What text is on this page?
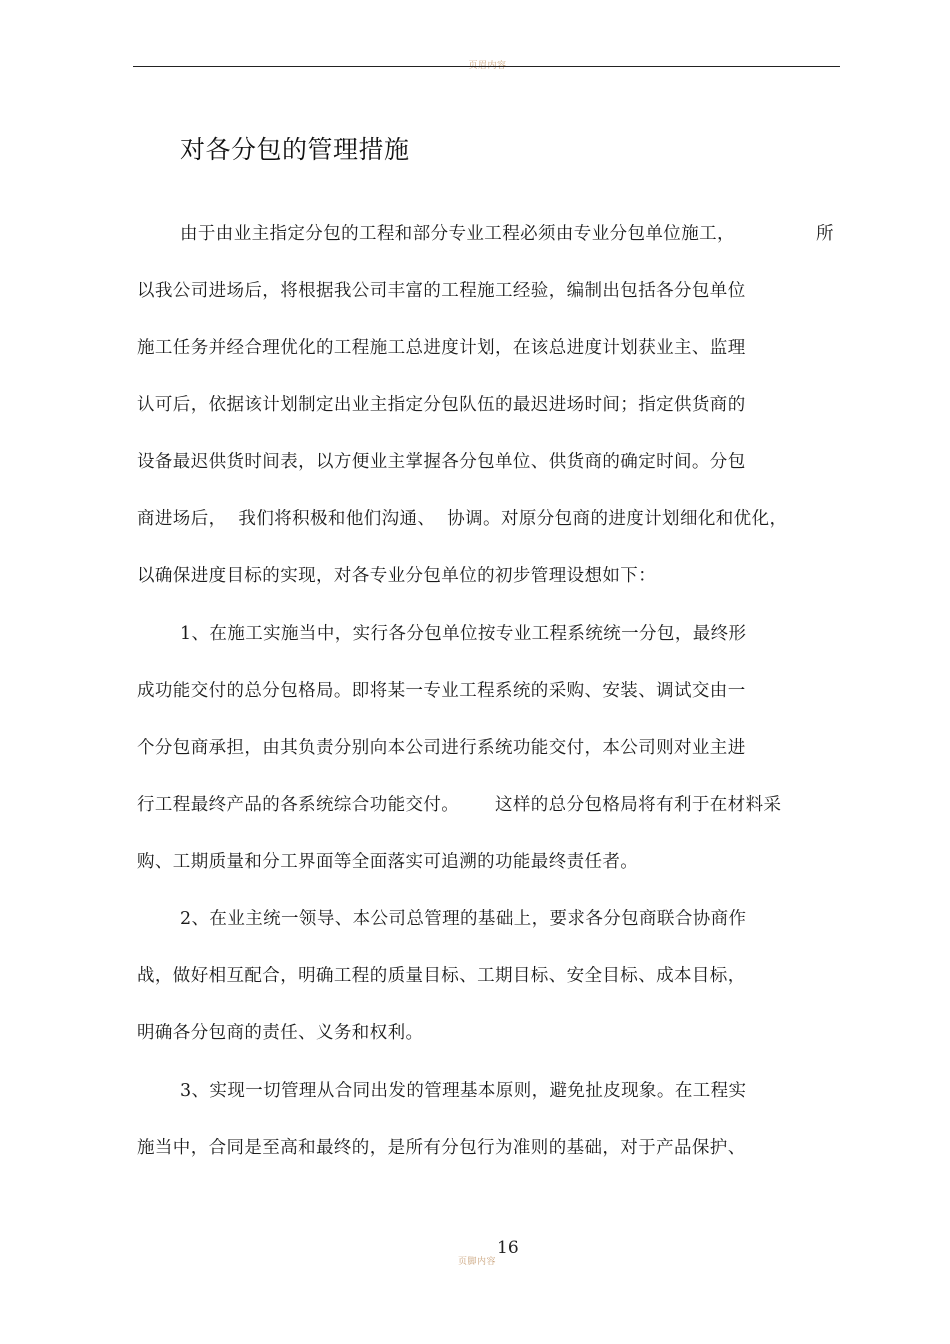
页眉内容
对各分包的管理措施
由于由业主指定分包的工程和部分专业工程必须由专业分包单位施工，	所
以我公司进场后，将根据我公司丰富的工程施工经验，编制出包括各分包单位
施工任务并经合理优化的工程施工总进度计划，在该总进度计划获业主、监理
认可后，依据该计划制定出业主指定分包队伍的最迟进场时间；指定供货商的
设备最迟供货时间表，以方便业主掌握各分包单位、供货商的确定时间。分包
商进场后，  我们将积极和他们沟通、  协调。对原分包商的进度计划细化和优化，
以确保进度目标的实现，对各专业分包单位的初步管理设想如下：
1、在施工实施当中，实行各分包单位按专业工程系统统一分包，最终形
成功能交付的总分包格局。即将某一专业工程系统的采购、安装、调试交由一
个分包商承担，由其负责分别向本公司进行系统功能交付，本公司则对业主进
行工程最终产品的各系统综合功能交付。      这样的总分包格局将有利于在材料采
购、工期质量和分工界面等全面落实可追溯的功能最终责任者。
2、在业主统一领导、本公司总管理的基础上，要求各分包商联合协商作
战，做好相互配合，明确工程的质量目标、工期目标、安全目标、成本目标，
明确各分包商的责任、义务和权利。
3、实现一切管理从合同出发的管理基本原则，避免扯皮现象。在工程实
施当中，合同是至高和最终的，是所有分包行为准则的基础，对于产品保护、
16
页脚内容
